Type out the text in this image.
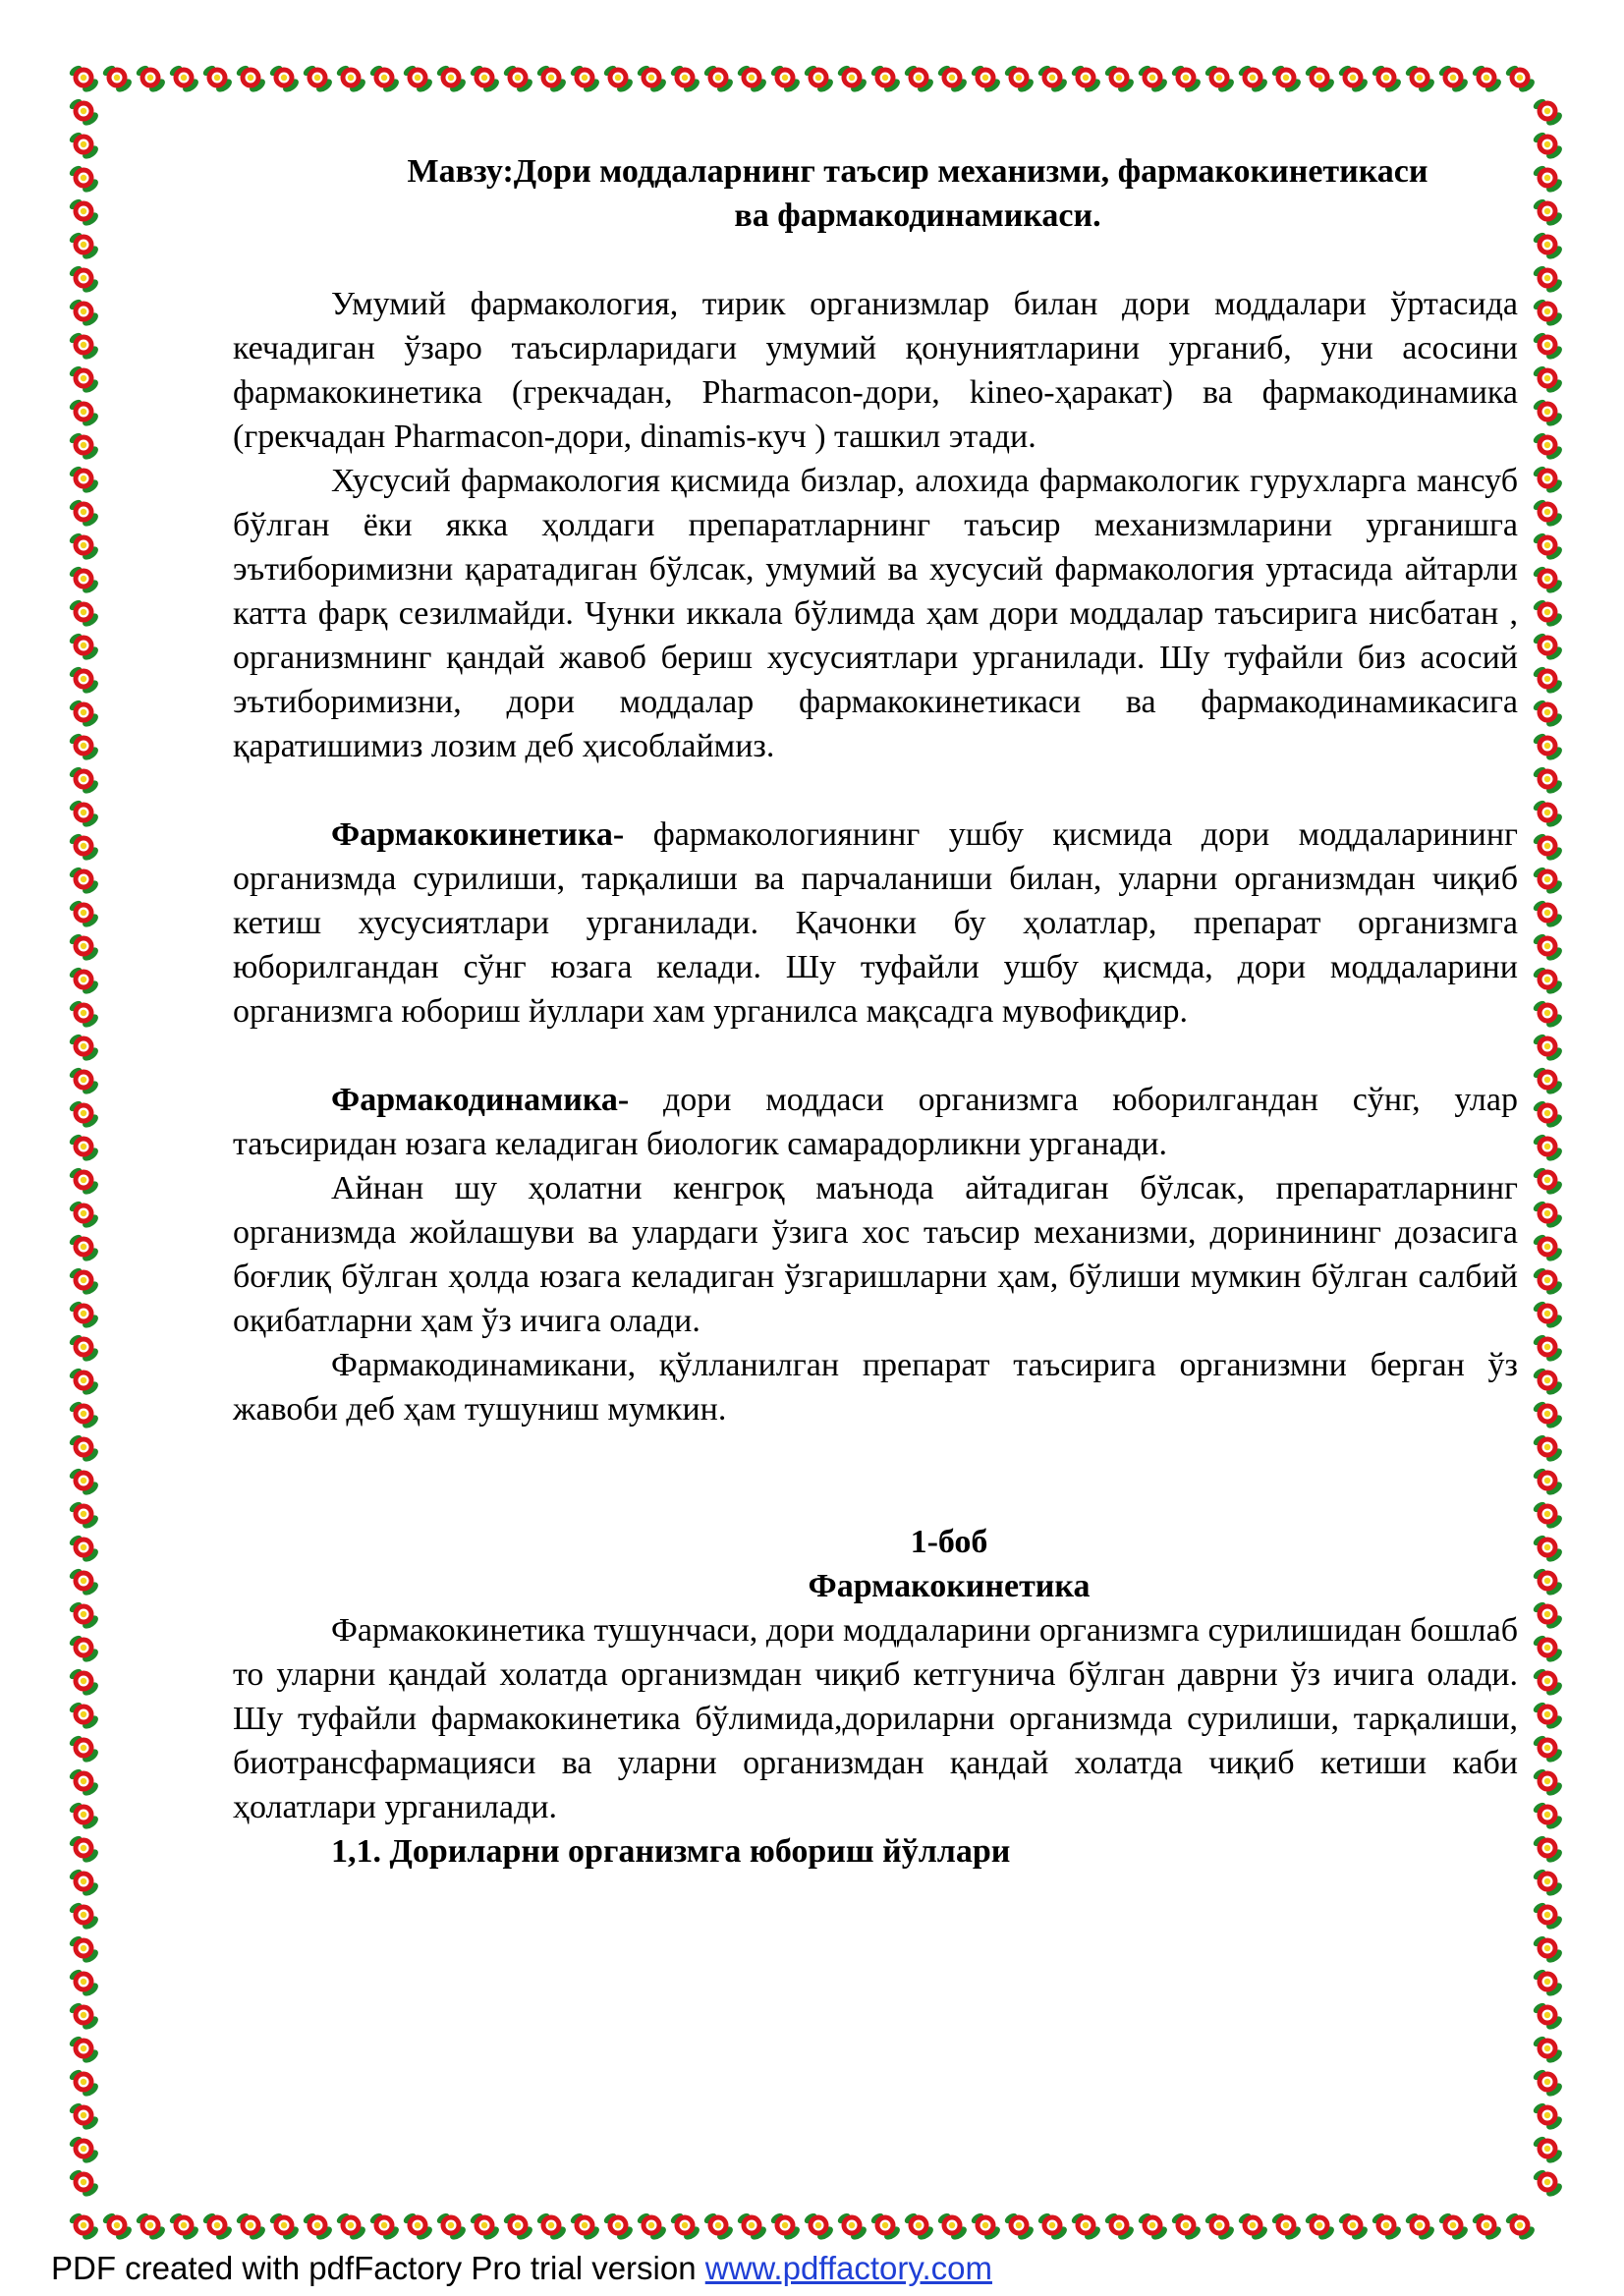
Мавзу:Дори моддаларнинг таъсир механизми, фармакокинетикаси
ва фармакодинамикаси.

Умумий фармакология, тирик организмлар билан дори моддалари ўртасида кечадиган ўзаро таъсирларидаги умумий қонуниятларини урганиб, уни асосини фармакокинетика (грекчадан, Pharmacon-дори, kineo-ҳаракат) ва фармакодинамика (грекчадан Pharmacon-дори, dinamis-куч ) ташкил этади.

Хусусий фармакология қисмида бизлар, алохида фармакологик гурухларга мансуб бўлган ёки якка ҳолдаги препаратларнинг таъсир механизмларини урганишга эътиборимизни қаратадиган бўлсак, умумий ва хусусий фармакология уртасида айтарли катта фарқ сезилмайди. Чунки иккала бўлимда ҳам дори моддалар таъсирига нисбатан , организмнинг қандай жавоб бериш хусусиятлари урганилади. Шу туфайли биз асосий эътиборимизни, дори моддалар фармакокинетикаси ва фармакодинамикасига қаратишимиз лозим деб ҳисоблаймиз.

Фармакокинетика- фармакологиянинг ушбу қисмида дори моддаларининг организмда сурилиши, тарқалиши ва парчаланиши билан, уларни организмдан чиқиб кетиш хусусиятлари урганилади. Қачонки бу ҳолатлар, препарат организмга юборилгандан сўнг юзага келади. Шу туфайли ушбу қисмда, дори моддаларини организмга юбориш йуллари хам урганилса мақсадга мувофиқдир.

Фармакодинамика- дори моддаси организмга юборилгандан сўнг, улар таъсиридан юзага келадиган биологик самарадорликни урганади.

Айнан шу ҳолатни кенгроқ маънода айтадиган бўлсак, препаратларнинг организмда жойлашуви ва улардаги ўзига хос таъсир механизми, доринининг дозасига боғлиқ бўлган ҳолда юзага келадиган ўзгаришларни ҳам, бўлиши мумкин бўлган салбий оқибатларни ҳам ўз ичига олади.

Фармакодинамикани, қўлланилган препарат таъсирига организмни берган ўз жавоби деб ҳам тушуниш мумкин.

1-боб
Фармакокинетика

Фармакокинетика тушунчаси, дори моддаларини организмга сурилишидан бошлаб то уларни қандай холатда организмдан чиқиб кетгунича бўлган даврни ўз ичига олади. Шу туфайли фармакокинетика бўлимида,дориларни организмда сурилиши, тарқалиши, биотрансфармацияси ва уларни организмдан қандай холатда чиқиб кетиши каби ҳолатлари урганилади.

1,1. Дориларни организмга юбориш йўллари

PDF created with pdfFactory Pro trial version www.pdffactory.com
